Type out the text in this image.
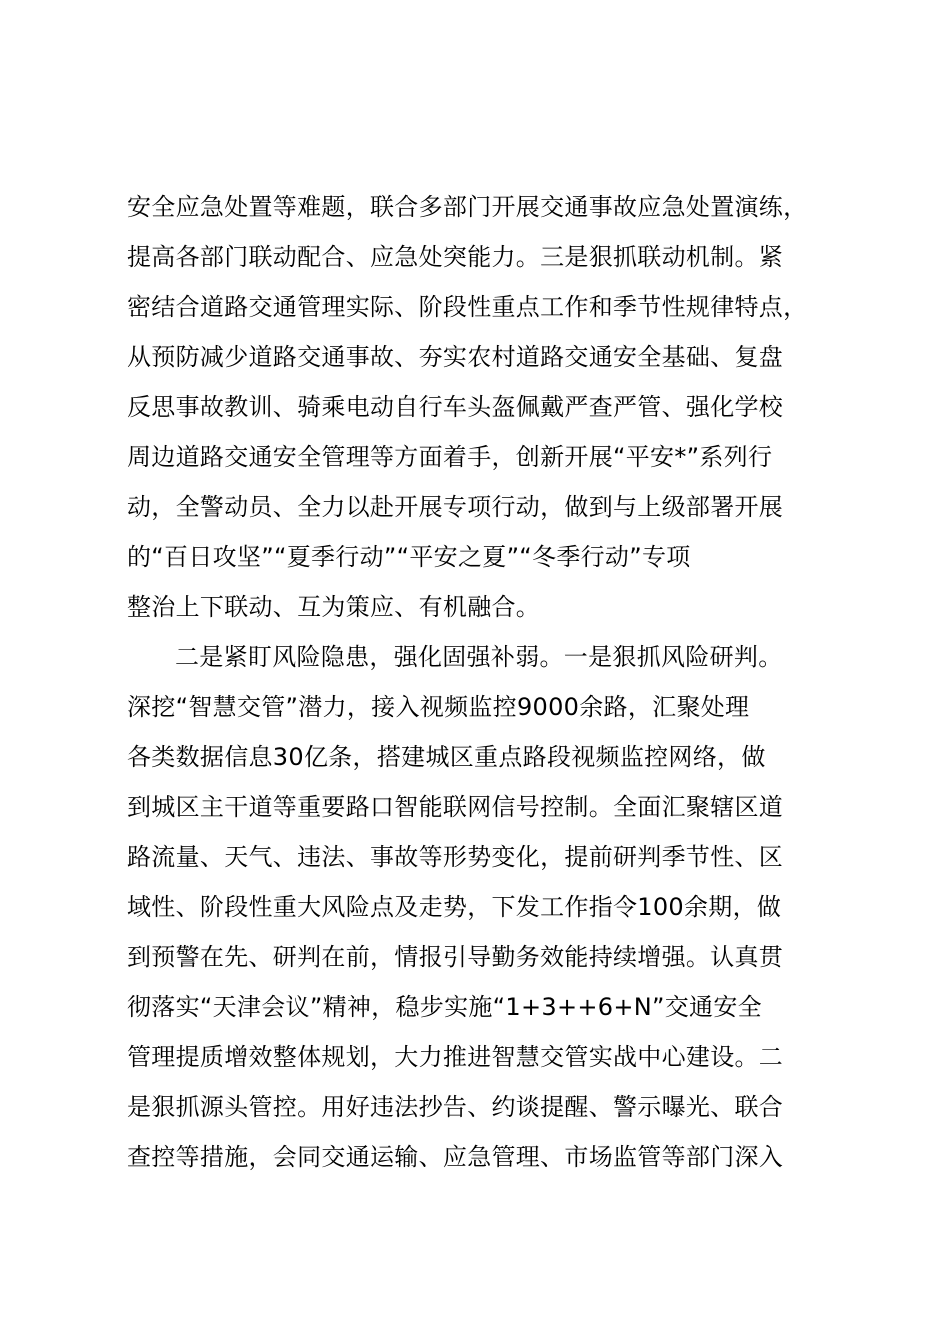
安全应急处置等难题，联合多部门开展交通事故应急处置演练，
提高各部门联动配合、应急处突能力。三是狠抓联动机制。紧
密结合道路交通管理实际、阶段性重点工作和季节性规律特点，
从预防减少道路交通事故、夯实农村道路交通安全基础、复盘
反思事故教训、骑乘电动自行车头盔佩戴严查严管、强化学校
周边道路交通安全管理等方面着手，创新开展“平安*”系列行
动，全警动员、全力以赴开展专项行动，做到与上级部署开展
的“百日攻坚”“夏季行动”“平安之夏”“冬季行动”专项
整治上下联动、互为策应、有机融合。
二是紧盯风险隐患，强化固强补弱。一是狠抓风险研判。
深挖“智慧交管”潜力，接入视频监控9000余路，汇聚处理
各类数据信息30亿条，搭建城区重点路段视频监控网络，做
到城区主干道等重要路口智能联网信号控制。全面汇聚辖区道
路流量、天气、违法、事故等形势变化，提前研判季节性、区
域性、阶段性重大风险点及走势，下发工作指令100余期，做
到预警在先、研判在前，情报引导勤务效能持续增强。认真贯
彻落实“天津会议”精神，稳步实施“1+3++6+N”交通安全
管理提质增效整体规划，大力推进智慧交管实战中心建设。二
是狠抓源头管控。用好违法抄告、约谈提醒、警示曝光、联合
查控等措施，会同交通运输、应急管理、市场监管等部门深入
